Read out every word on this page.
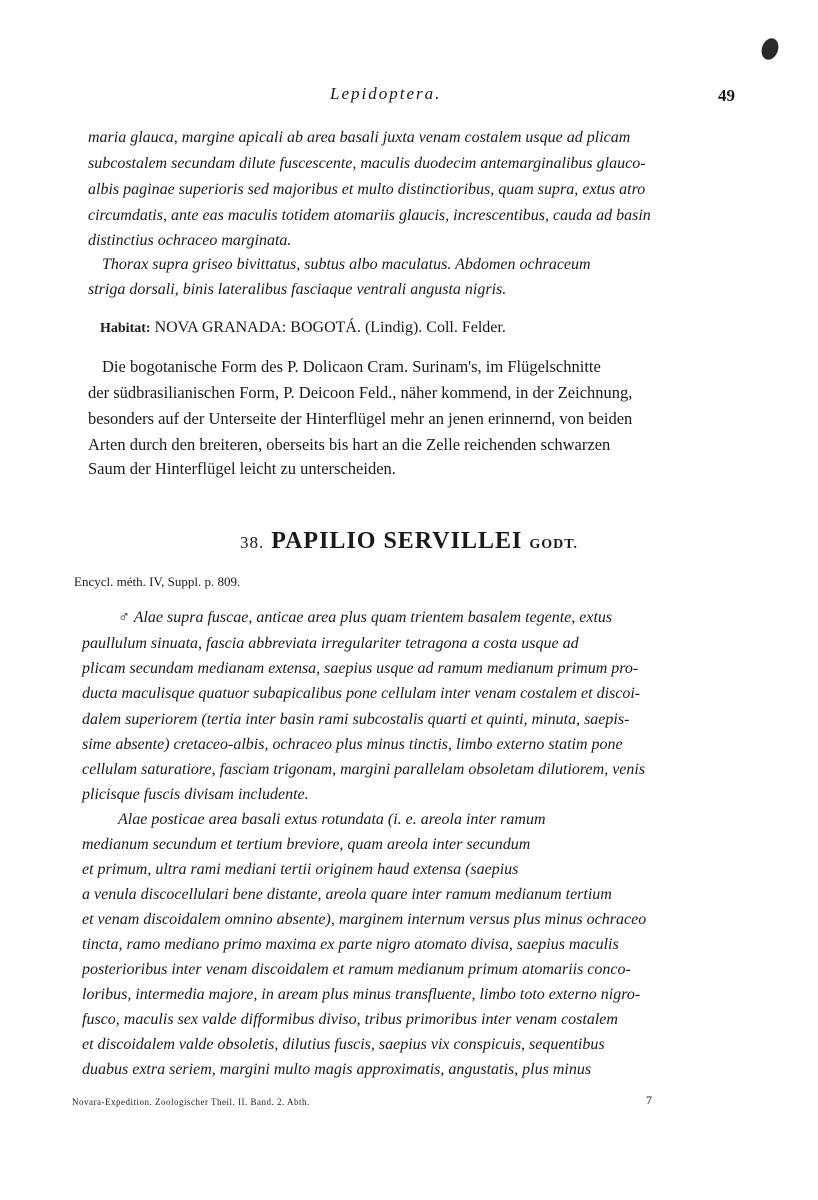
Lepidoptera.	49
maria glauca, margine apicali ab area basali juxta venam costalem usque ad plicam
subcostalem secundam dilute fuscescente, maculis duodecim antemarginalibus glauco-
albis paginae superioris sed majoribus et multo distinctioribus, quam supra, extus atro
circumdatis, ante eas maculis totidem atomariis glaucis, increscentibus, cauda ad basin
distinctius ochraceo marginata.
Thorax supra griseo bivittatus, subtus albo maculatus. Abdomen ochraceum
striga dorsali, binis lateralibus fasciaque ventrali angusta nigris.
Habitat: NOVA GRANADA: BOGOTÁ. (Lindig). Coll. Felder.
Die bogotanische Form des P. Dolicaon Cram. Surinam's, im Flügelschnitte
der südbrasilianischen Form, P. Deicoon Feld., näher kommend, in der Zeichnung,
besonders auf der Unterseite der Hinterflügel mehr an jenen erinnernd, von beiden
Arten durch den breiteren, oberseits bis hart an die Zelle reichenden schwarzen
Saum der Hinterflügel leicht zu unterscheiden.
38. PAPILIO SERVILLEI GODT.
Encycl. méth. IV, Suppl. p. 809.
♂ Alae supra fuscae, anticae area plus quam trientem basalem tegente, extus
paullulum sinuata, fascia abbreviata irregulariter tetragona a costa usque ad
plicam secundam medianam extensa, saepius usque ad ramum medianum primum pro-
ducta maculisque quatuor subapicalibus pone cellulam inter venam costalem et discoi-
dalem superiorem (tertia inter basin rami subcostalis quarti et quinti, minuta, saepis-
sime absente) cretaceo-albis, ochraceo plus minus tinctis, limbo externo statim pone
cellulam saturatiore, fasciam trigonam, margini parallelam obsoletam dilutiorem, venis
plicisque fuscis divisam includente.
Alae posticae area basali extus rotundata (i. e. areola inter ramum
medianum secundum et tertium breviore, quam areola inter secundum
et primum, ultra rami mediani tertii originem haud extensa (saepius
a venula discocellulari bene distante, areola quare inter ramum medianum tertium
et venam discoidalem omnino absente), marginem internum versus plus minus ochraceo
tincta, ramo mediano primo maxima ex parte nigro atomato divisa, saepius maculis
posterioribus inter venam discoidalem et ramum medianum primum atomariis conco-
loribus, intermedia majore, in aream plus minus transfluente, limbo toto externo nigro-
fusco, maculis sex valde difformibus diviso, tribus primoribus inter venam costalem
et discoidalem valde obsoletis, dilutius fuscis, saepius vix conspicuis, sequentibus
duabus extra seriem, margini multo magis approximatis, angustatis, plus minus
Novara-Expedition. Zoologischer Theil. II. Band. 2. Abth.	7
